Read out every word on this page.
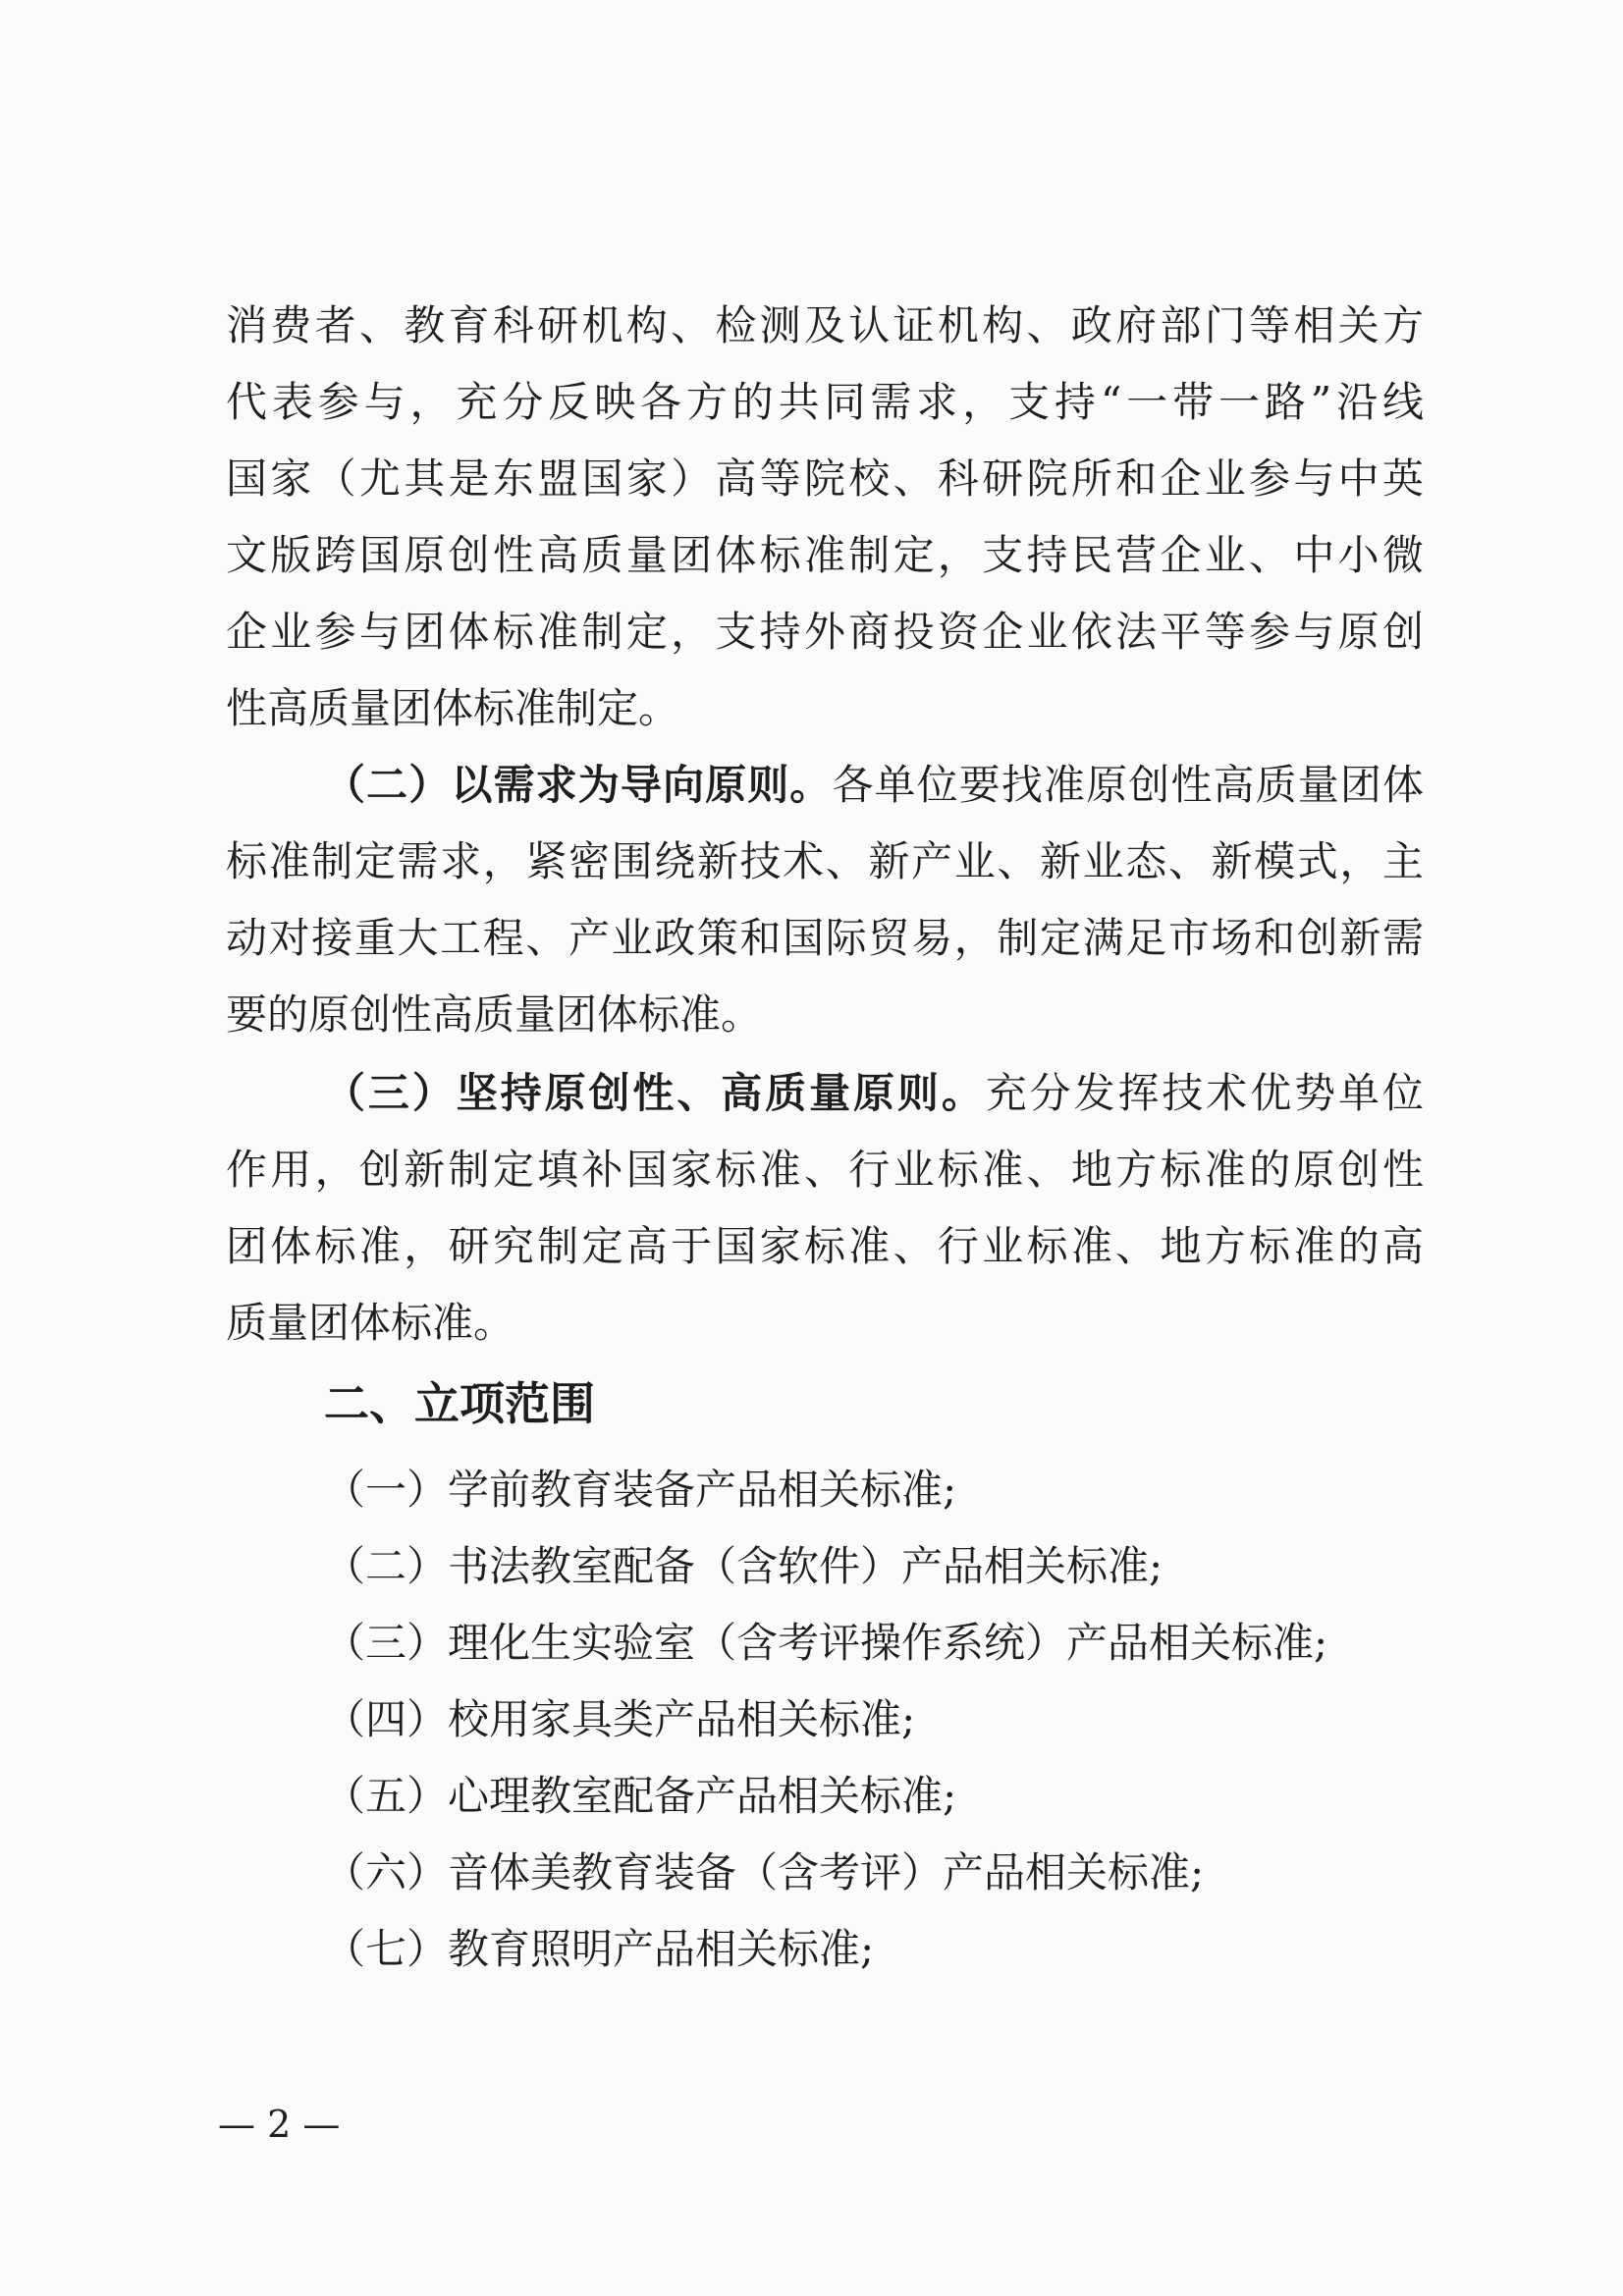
消费者、教育科研机构、检测及认证机构、政府部门等相关方
代表参与，充分反映各方的共同需求，支持“一带一路”沿线
国家（尤其是东盟国家）高等院校、科研院所和企业参与中英
文版跨国原创性高质量团体标准制定，支持民营企业、中小微
企业参与团体标准制定，支持外商投资企业依法平等参与原创
性高质量团体标准制定。
（二）以需求为导向原则。各单位要找准原创性高质量团体
标准制定需求，紧密围绕新技术、新产业、新业态、新模式，主
动对接重大工程、产业政策和国际贸易，制定满足市场和创新需
要的原创性高质量团体标准。
（三）坚持原创性、高质量原则。充分发挥技术优势单位
作用，创新制定填补国家标准、行业标准、地方标准的原创性
团体标准，研究制定高于国家标准、行业标准、地方标准的高
质量团体标准。
二、立项范围
（一）学前教育装备产品相关标准;
（二）书法教室配备（含软件）产品相关标准;
（三）理化生实验室（含考评操作系统）产品相关标准;
（四）校用家具类产品相关标准;
（五）心理教室配备产品相关标准;
（六）音体美教育装备（含考评）产品相关标准;
（七）教育照明产品相关标准;
— 2 —
